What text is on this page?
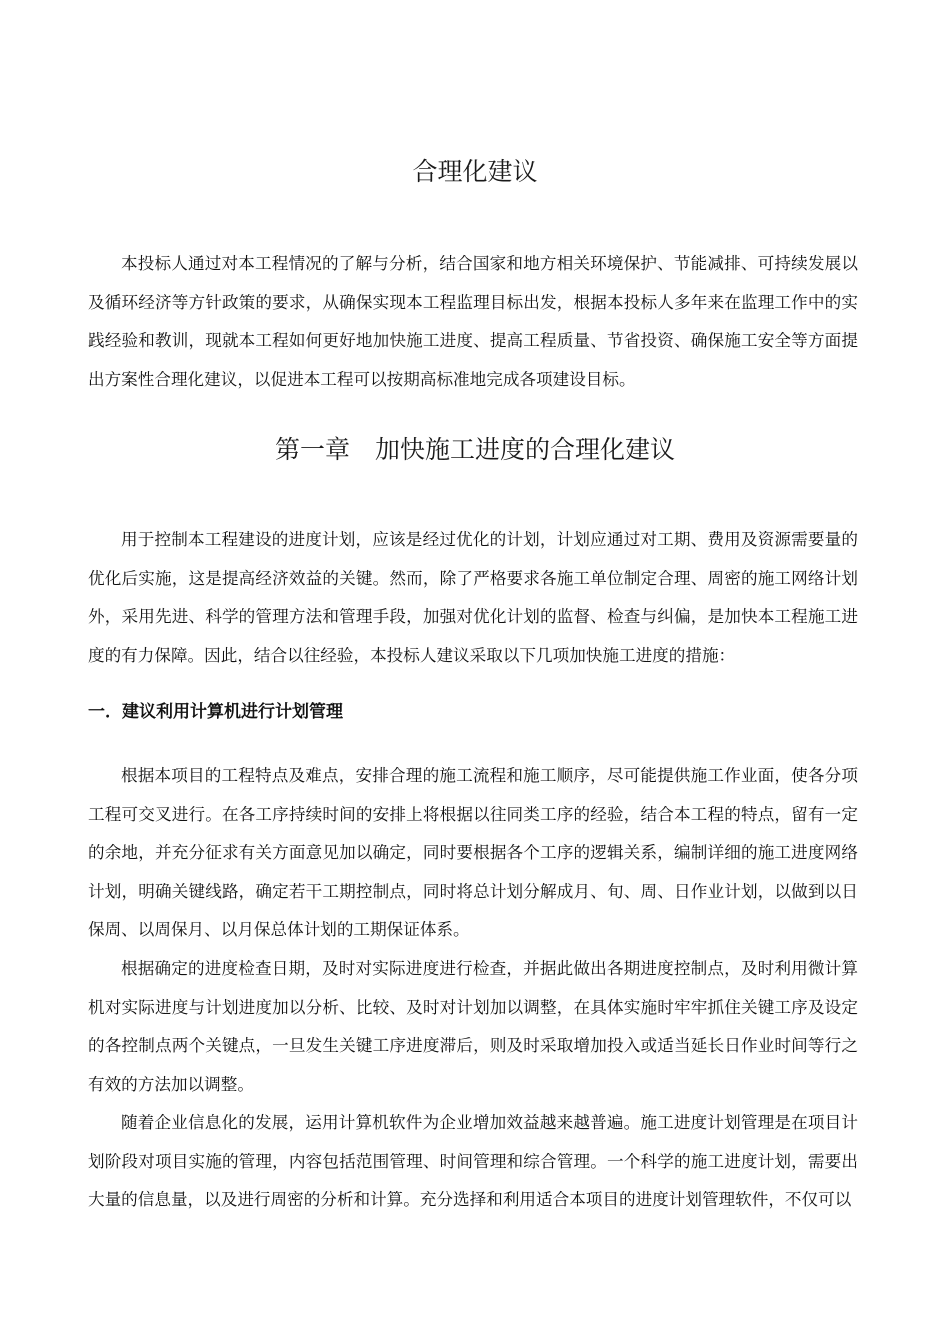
合理化建议

本投标人通过对本工程情况的了解与分析，结合国家和地方相关环境保护、节能减排、可持续发展以及循环经济等方针政策的要求，从确保实现本工程监理目标出发，根据本投标人多年来在监理工作中的实践经验和教训，现就本工程如何更好地加快施工进度、提高工程质量、节省投资、确保施工安全等方面提出方案性合理化建议，以促进本工程可以按期高标准地完成各项建设目标。

第一章　加快施工进度的合理化建议

用于控制本工程建设的进度计划，应该是经过优化的计划，计划应通过对工期、费用及资源需要量的优化后实施，这是提高经济效益的关键。然而，除了严格要求各施工单位制定合理、周密的施工网络计划外，采用先进、科学的管理方法和管理手段，加强对优化计划的监督、检查与纠偏，是加快本工程施工进度的有力保障。因此，结合以往经验，本投标人建议采取以下几项加快施工进度的措施：

一．建议利用计算机进行计划管理

根据本项目的工程特点及难点，安排合理的施工流程和施工顺序，尽可能提供施工作业面，使各分项工程可交叉进行。在各工序持续时间的安排上将根据以往同类工序的经验，结合本工程的特点，留有一定的余地，并充分征求有关方面意见加以确定，同时要根据各个工序的逻辑关系，编制详细的施工进度网络计划，明确关键线路，确定若干工期控制点，同时将总计划分解成月、旬、周、日作业计划，以做到以日保周、以周保月、以月保总体计划的工期保证体系。

根据确定的进度检查日期，及时对实际进度进行检查，并据此做出各期进度控制点，及时利用微计算机对实际进度与计划进度加以分析、比较、及时对计划加以调整，在具体实施时牢牢抓住关键工序及设定的各控制点两个关键点，一旦发生关键工序进度滞后，则及时采取增加投入或适当延长日作业时间等行之有效的方法加以调整。

随着企业信息化的发展，运用计算机软件为企业增加效益越来越普遍。施工进度计划管理是在项目计划阶段对项目实施的管理，内容包括范围管理、时间管理和综合管理。一个科学的施工进度计划，需要出大量的信息量，以及进行周密的分析和计算。充分选择和利用适合本项目的进度计划管理软件，不仅可以
